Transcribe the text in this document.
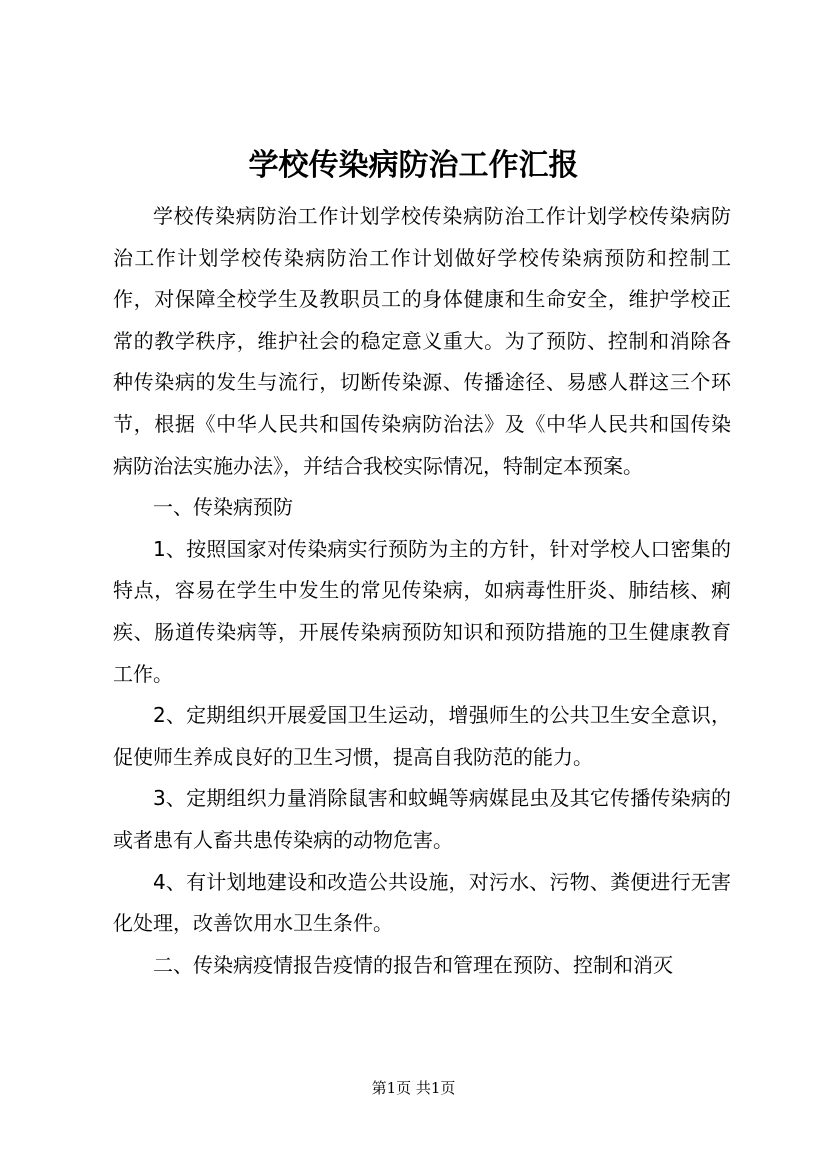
学校传染病防治工作汇报

学校传染病防治工作计划学校传染病防治工作计划学校传染病防治工作计划学校传染病防治工作计划做好学校传染病预防和控制工作，对保障全校学生及教职员工的身体健康和生命安全，维护学校正常的教学秩序，维护社会的稳定意义重大。为了预防、控制和消除各种传染病的发生与流行，切断传染源、传播途径、易感人群这三个环节，根据《中华人民共和国传染病防治法》及《中华人民共和国传染病防治法实施办法》，并结合我校实际情况，特制定本预案。

一、传染病预防

1、按照国家对传染病实行预防为主的方针，针对学校人口密集的特点，容易在学生中发生的常见传染病，如病毒性肝炎、肺结核、痢疾、肠道传染病等，开展传染病预防知识和预防措施的卫生健康教育工作。

2、定期组织开展爱国卫生运动，增强师生的公共卫生安全意识，促使师生养成良好的卫生习惯，提高自我防范的能力。

3、定期组织力量消除鼠害和蚊蝇等病媒昆虫及其它传播传染病的或者患有人畜共患传染病的动物危害。

4、有计划地建设和改造公共设施，对污水、污物、粪便进行无害化处理，改善饮用水卫生条件。

二、传染病疫情报告疫情的报告和管理在预防、控制和消灭

第1页 共1页
